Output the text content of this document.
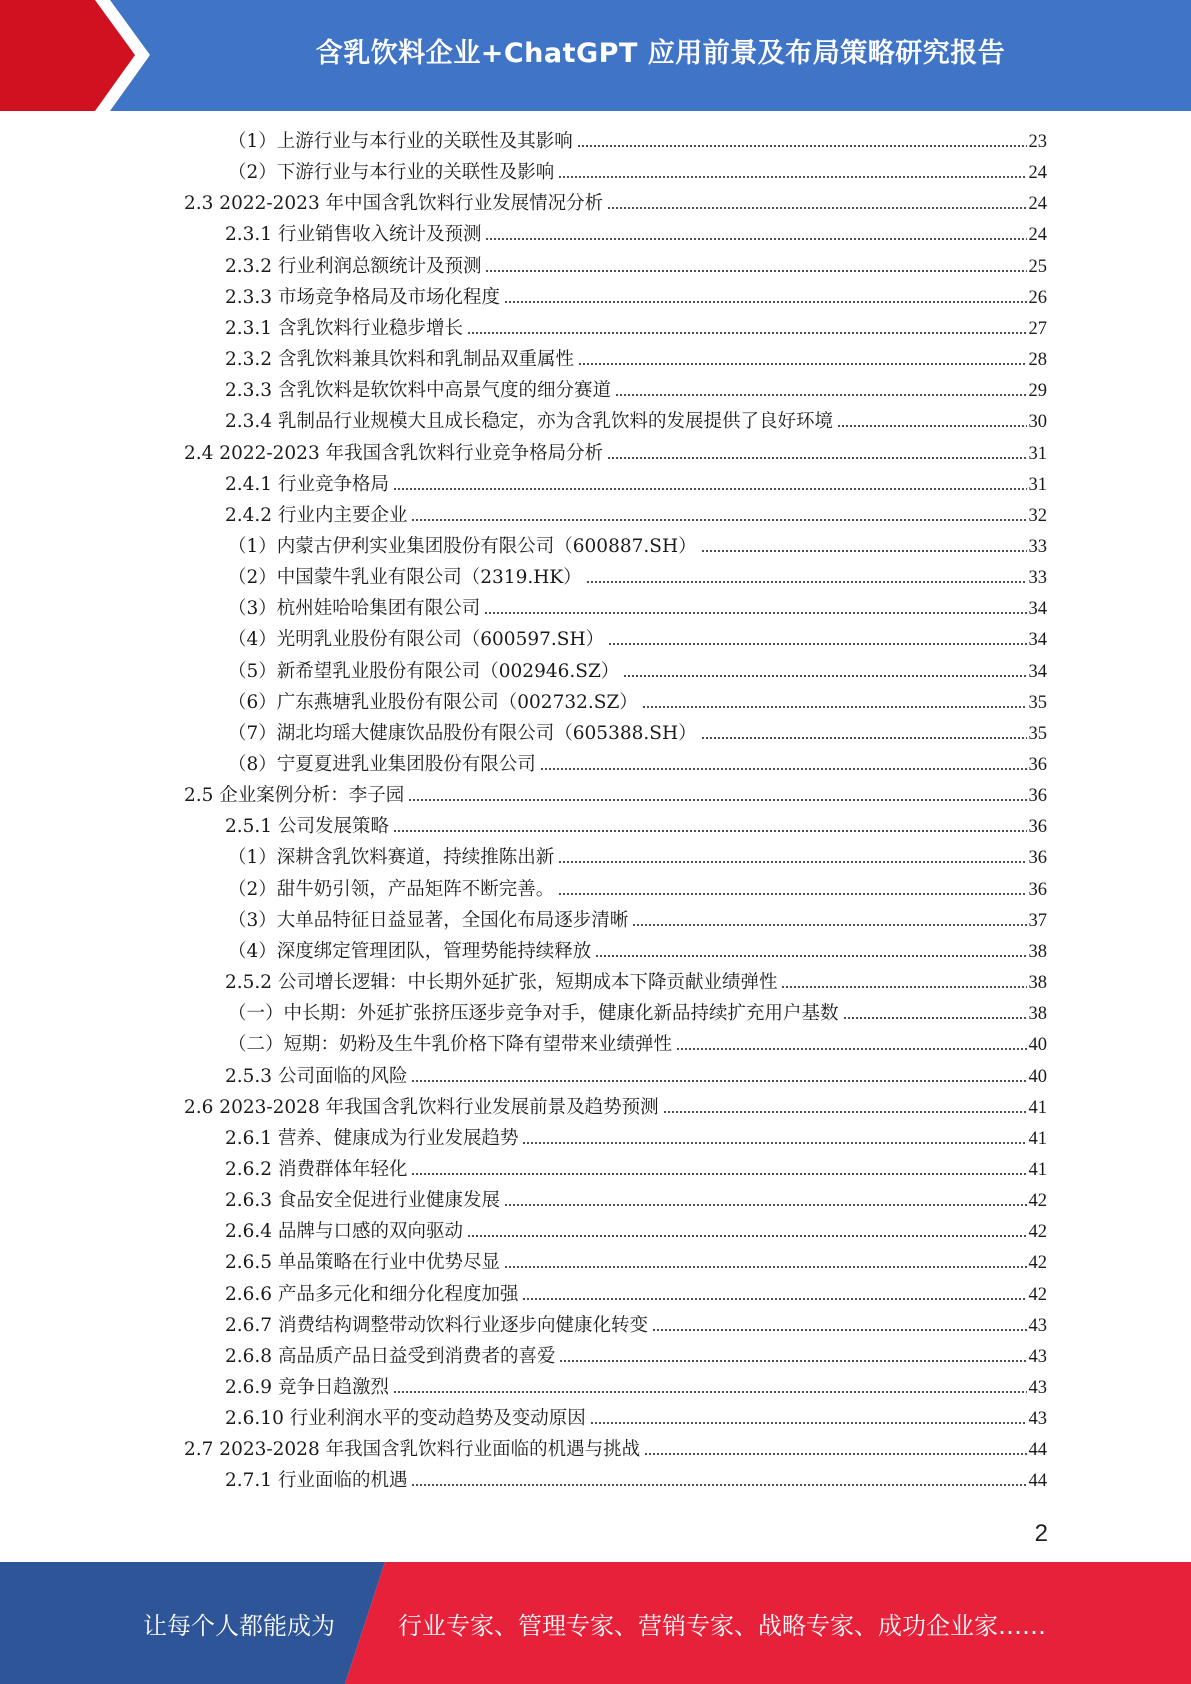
含乳饮料企业+ChatGPT 应用前景及布局策略研究报告
（1）上游行业与本行业的关联性及其影响	23
（2）下游行业与本行业的关联性及影响	24
2.3 2022-2023 年中国含乳饮料行业发展情况分析	24
2.3.1 行业销售收入统计及预测	24
2.3.2 行业利润总额统计及预测	25
2.3.3 市场竞争格局及市场化程度	26
2.3.1 含乳饮料行业稳步增长	27
2.3.2 含乳饮料兼具饮料和乳制品双重属性	28
2.3.3 含乳饮料是软饮料中高景气度的细分赛道	29
2.3.4 乳制品行业规模大且成长稳定，亦为含乳饮料的发展提供了良好环境	30
2.4 2022-2023 年我国含乳饮料行业竞争格局分析	31
2.4.1 行业竞争格局	31
2.4.2 行业内主要企业	32
（1）内蒙古伊利实业集团股份有限公司（600887.SH）	33
（2）中国蒙牛乳业有限公司（2319.HK）	33
（3）杭州娃哈哈集团有限公司	34
（4）光明乳业股份有限公司（600597.SH）	34
（5）新希望乳业股份有限公司（002946.SZ）	34
（6）广东燕塘乳业股份有限公司（002732.SZ）	35
（7）湖北均瑶大健康饮品股份有限公司（605388.SH）	35
（8）宁夏夏进乳业集团股份有限公司	36
2.5 企业案例分析：李子园	36
2.5.1 公司发展策略	36
（1）深耕含乳饮料赛道，持续推陈出新	36
（2）甜牛奶引领，产品矩阵不断完善。	36
（3）大单品特征日益显著，全国化布局逐步清晰	37
（4）深度绑定管理团队，管理势能持续释放	38
2.5.2 公司增长逻辑：中长期外延扩张，短期成本下降贡献业绩弹性	38
（一）中长期：外延扩张挤压逐步竞争对手，健康化新品持续扩充用户基数	38
（二）短期：奶粉及生牛乳价格下降有望带来业绩弹性	40
2.5.3 公司面临的风险	40
2.6 2023-2028 年我国含乳饮料行业发展前景及趋势预测	41
2.6.1 营养、健康成为行业发展趋势	41
2.6.2 消费群体年轻化	41
2.6.3 食品安全促进行业健康发展	42
2.6.4 品牌与口感的双向驱动	42
2.6.5 单品策略在行业中优势尽显	42
2.6.6 产品多元化和细分化程度加强	42
2.6.7 消费结构调整带动饮料行业逐步向健康化转变	43
2.6.8 高品质产品日益受到消费者的喜爱	43
2.6.9 竞争日趋激烈	43
2.6.10 行业利润水平的变动趋势及变动原因	43
2.7 2023-2028 年我国含乳饮料行业面临的机遇与挑战	44
2.7.1 行业面临的机遇	44
2
让每个人都能成为	行业专家、管理专家、营销专家、战略专家、成功企业家……
